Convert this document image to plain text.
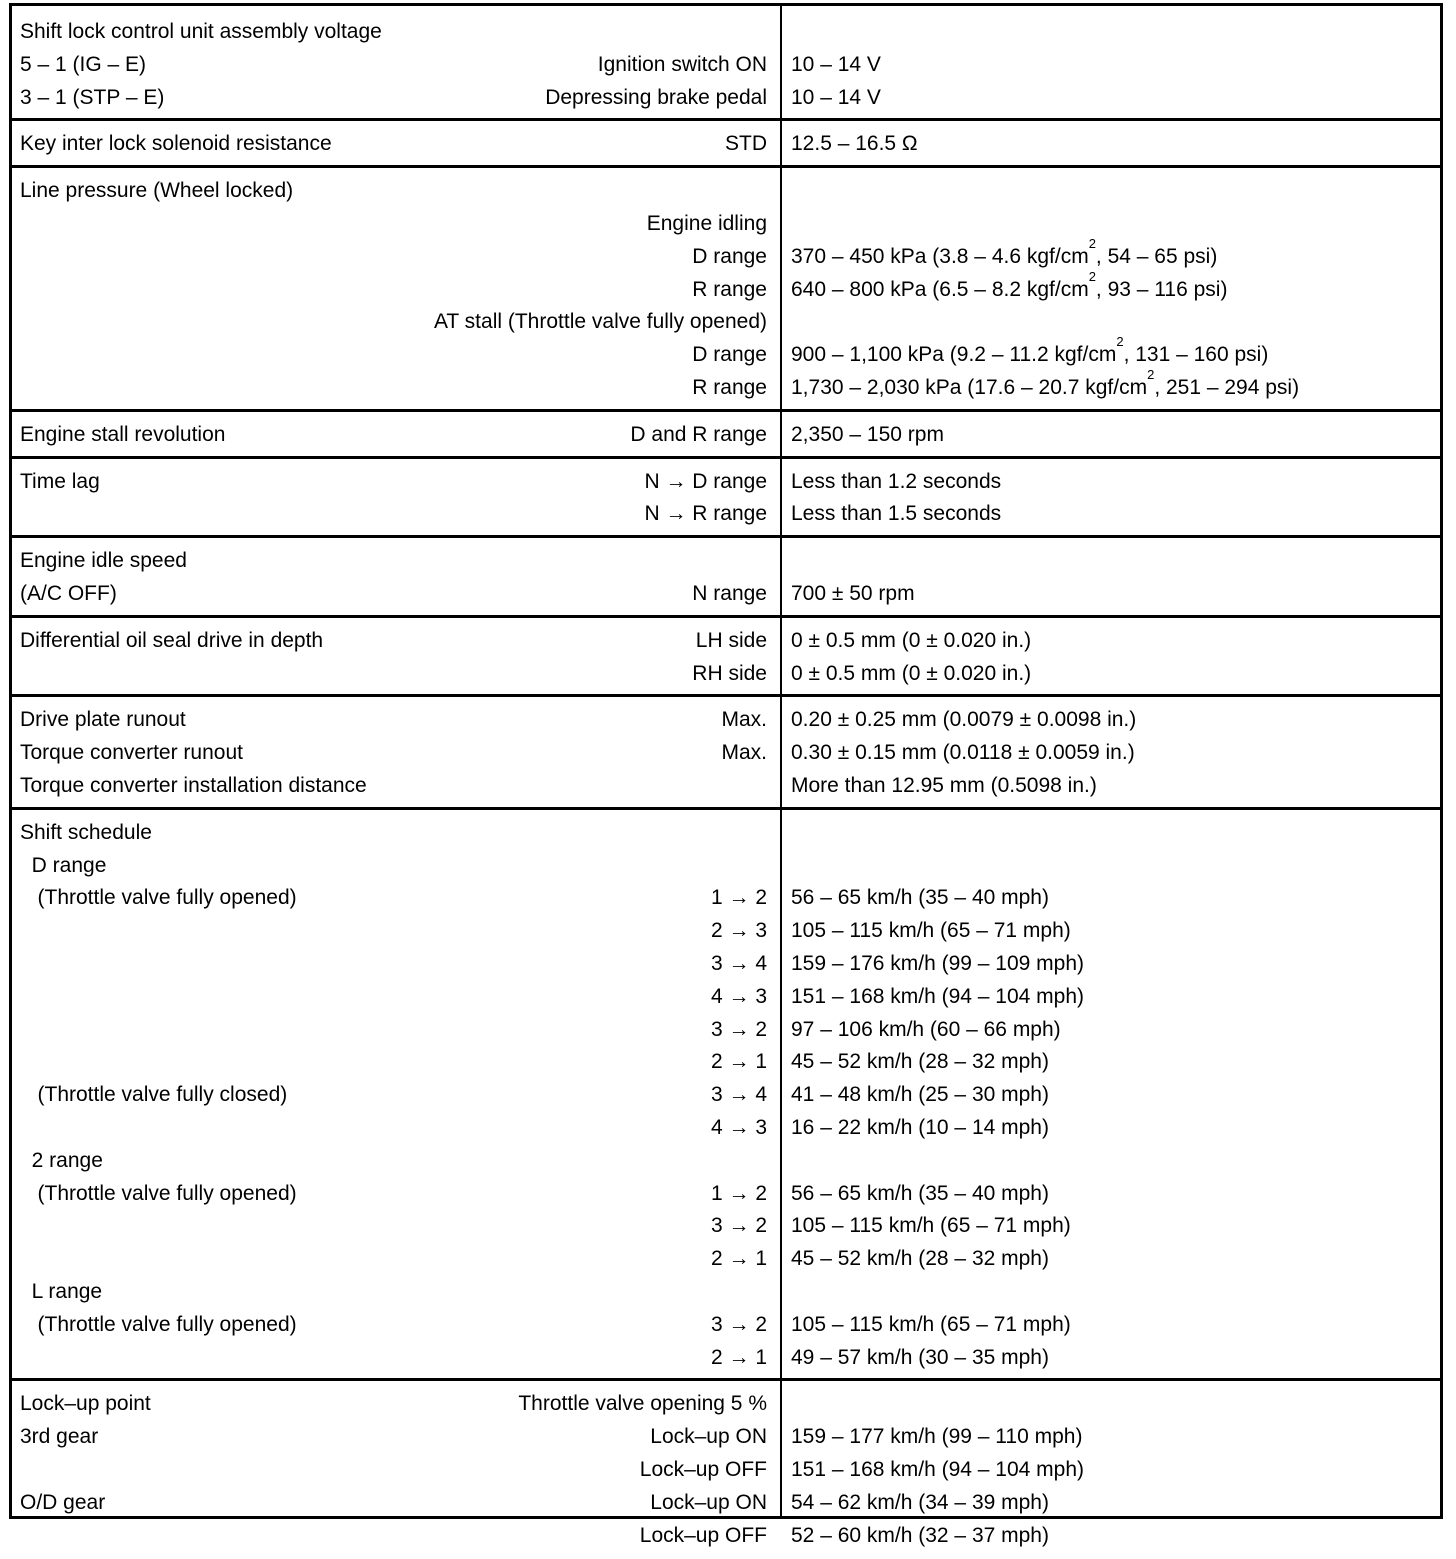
Shift lock control unit assembly voltage
5 – 1 (IG – E)	Ignition switch ON 10 – 14 V
3 – 1 (STP – E)	Depressing brake pedal 10 – 14 V
Key inter lock solenoid resistance	STD 12.5 – 16.5 Ω
Line pressure (Wheel locked)
Engine idling
D range 370 – 450 kPa (3.8 – 4.6 kgf/$cm^2$, 54 – 65 psi)
R range 640 – 800 kPa (6.5 – 8.2 kgf/$cm^2$, 93 – 116 psi)
AT stall (Throttle valve fully opened)
D range 900 – 1,100 kPa (9.2 – 11.2 kgf/$cm^2$, 131 – 160 psi)
R range 1,730 – 2,030 kPa (17.6 – 20.7 kgf/$cm^2$, 251 – 294 psi)
Engine stall revolution	D and R range 2,350 – 150 rpm
Time lag	N → D range Less than 1.2 seconds
N → R range Less than 1.5 seconds
Engine idle speed
(A/C OFF)	N range 700 ± 50 rpm
Differential oil seal drive in depth	LH side 0 ± 0.5 mm (0 ± 0.020 in.)
RH side 0 ± 0.5 mm (0 ± 0.020 in.)
Drive plate runout	Max. 0.20 ± 0.25 mm (0.0079 ± 0.0098 in.)
Torque converter runout	Max. 0.30 ± 0.15 mm (0.0118 ± 0.0059 in.)
Torque converter installation distance	More than 12.95 mm (0.5098 in.)
Shift schedule
D range
(Throttle valve fully opened)	1 → 2 56 – 65 km/h (35 – 40 mph)
2 → 3 105 – 115 km/h (65 – 71 mph)
3 → 4 159 – 176 km/h (99 – 109 mph)
4 → 3 151 – 168 km/h (94 – 104 mph)
3 → 2 97 – 106 km/h (60 – 66 mph)
2 → 1 45 – 52 km/h (28 – 32 mph)
(Throttle valve fully closed)	3 → 4 41 – 48 km/h (25 – 30 mph)
4 → 3 16 – 22 km/h (10 – 14 mph)
2 range
(Throttle valve fully opened)	1 → 2 56 – 65 km/h (35 – 40 mph)
3 → 2 105 – 115 km/h (65 – 71 mph)
2 → 1 45 – 52 km/h (28 – 32 mph)
L range
(Throttle valve fully opened)	3 → 2 105 – 115 km/h (65 – 71 mph)
2 → 1 49 – 57 km/h (30 – 35 mph)
Lock–up point	Throttle valve opening 5 %
3rd gear	Lock–up ON 159 – 177 km/h (99 – 110 mph)
Lock–up OFF 151 – 168 km/h (94 – 104 mph)
O/D gear	Lock–up ON 54 – 62 km/h (34 – 39 mph)
Lock–up OFF 52 – 60 km/h (32 – 37 mph)
